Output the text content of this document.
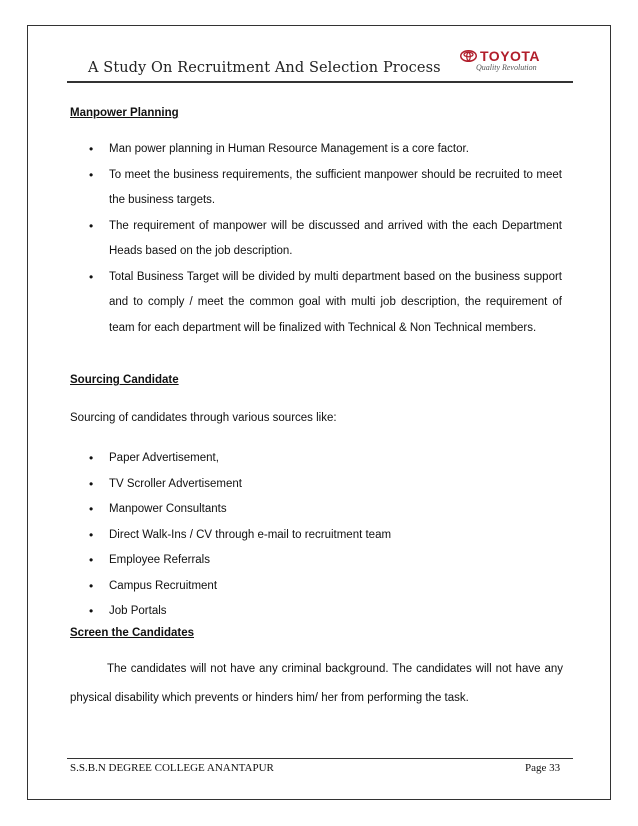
A Study On Recruitment And Selection Process
TOYOTA
Quality Revolution
Manpower Planning
• Man power planning in Human Resource Management is a core factor.
• To meet the business requirements, the sufficient manpower should be recruited to meet the business targets.
• The requirement of manpower will be discussed and arrived with the each Department Heads based on the job description.
• Total Business Target will be divided by multi department based on the business support and to comply / meet the common goal with multi job description, the requirement of team for each department will be finalized with Technical & Non Technical members.
Sourcing Candidate
Sourcing of candidates through various sources like:
• Paper Advertisement,
• TV Scroller Advertisement
• Manpower Consultants
• Direct Walk-Ins / CV through e-mail to recruitment team
• Employee Referrals
• Campus Recruitment
• Job Portals
Screen the Candidates
The candidates will not have any criminal background. The candidates will not have any physical disability which prevents or hinders him/ her from performing the task.
S.S.B.N DEGREE COLLEGE ANANTAPUR	Page 33
